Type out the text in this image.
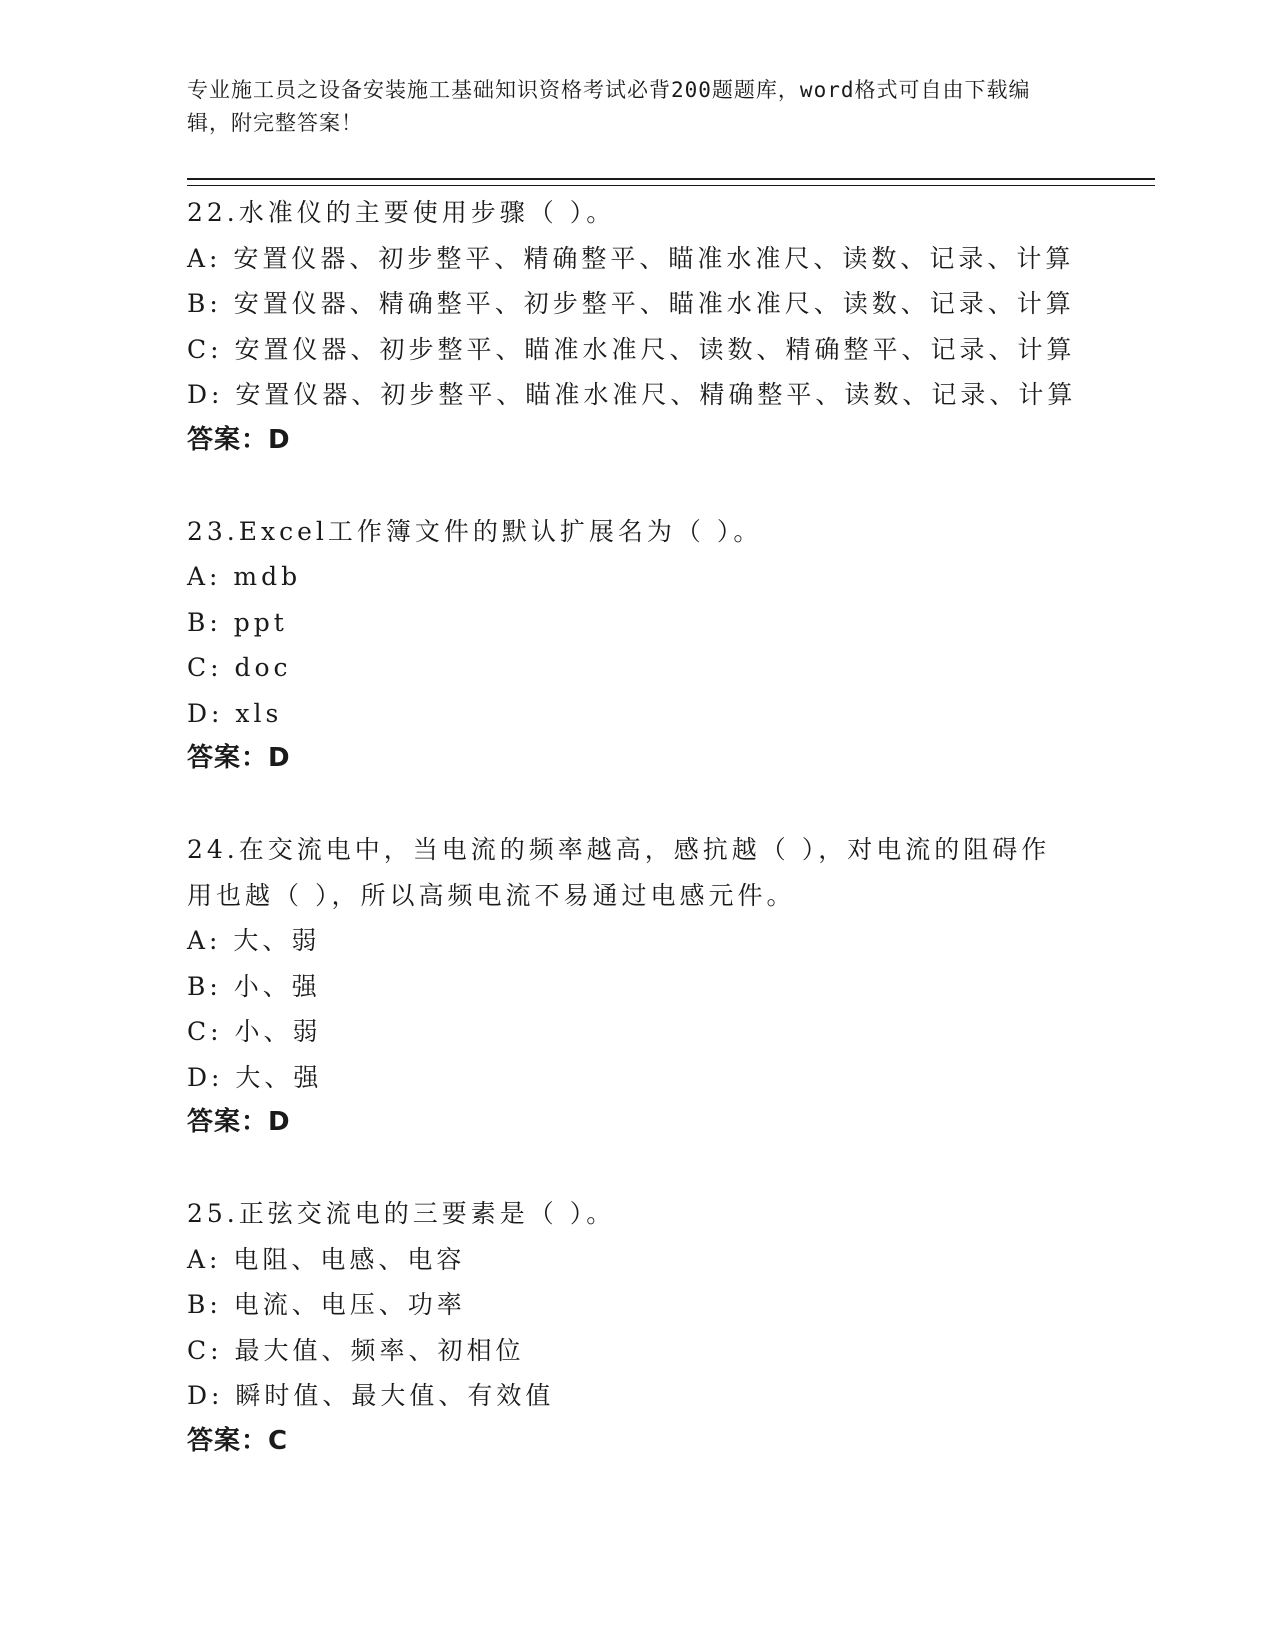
专业施工员之设备安装施工基础知识资格考试必背200题题库，word格式可自由下载编辑，附完整答案！
22.水准仪的主要使用步骤（ ）。
A: 安置仪器、初步整平、精确整平、瞄准水准尺、读数、记录、计算
B: 安置仪器、精确整平、初步整平、瞄准水准尺、读数、记录、计算
C: 安置仪器、初步整平、瞄准水准尺、读数、精确整平、记录、计算
D: 安置仪器、初步整平、瞄准水准尺、精确整平、读数、记录、计算
答案：D
23.Excel工作簿文件的默认扩展名为（ ）。
A: mdb
B: ppt
C: doc
D: xls
答案：D
24.在交流电中，当电流的频率越高，感抗越（ ），对电流的阻碍作用也越（ ），所以高频电流不易通过电感元件。
A: 大、弱
B: 小、强
C: 小、弱
D: 大、强
答案：D
25.正弦交流电的三要素是（ ）。
A: 电阻、电感、电容
B: 电流、电压、功率
C: 最大值、频率、初相位
D: 瞬时值、最大值、有效值
答案：C
